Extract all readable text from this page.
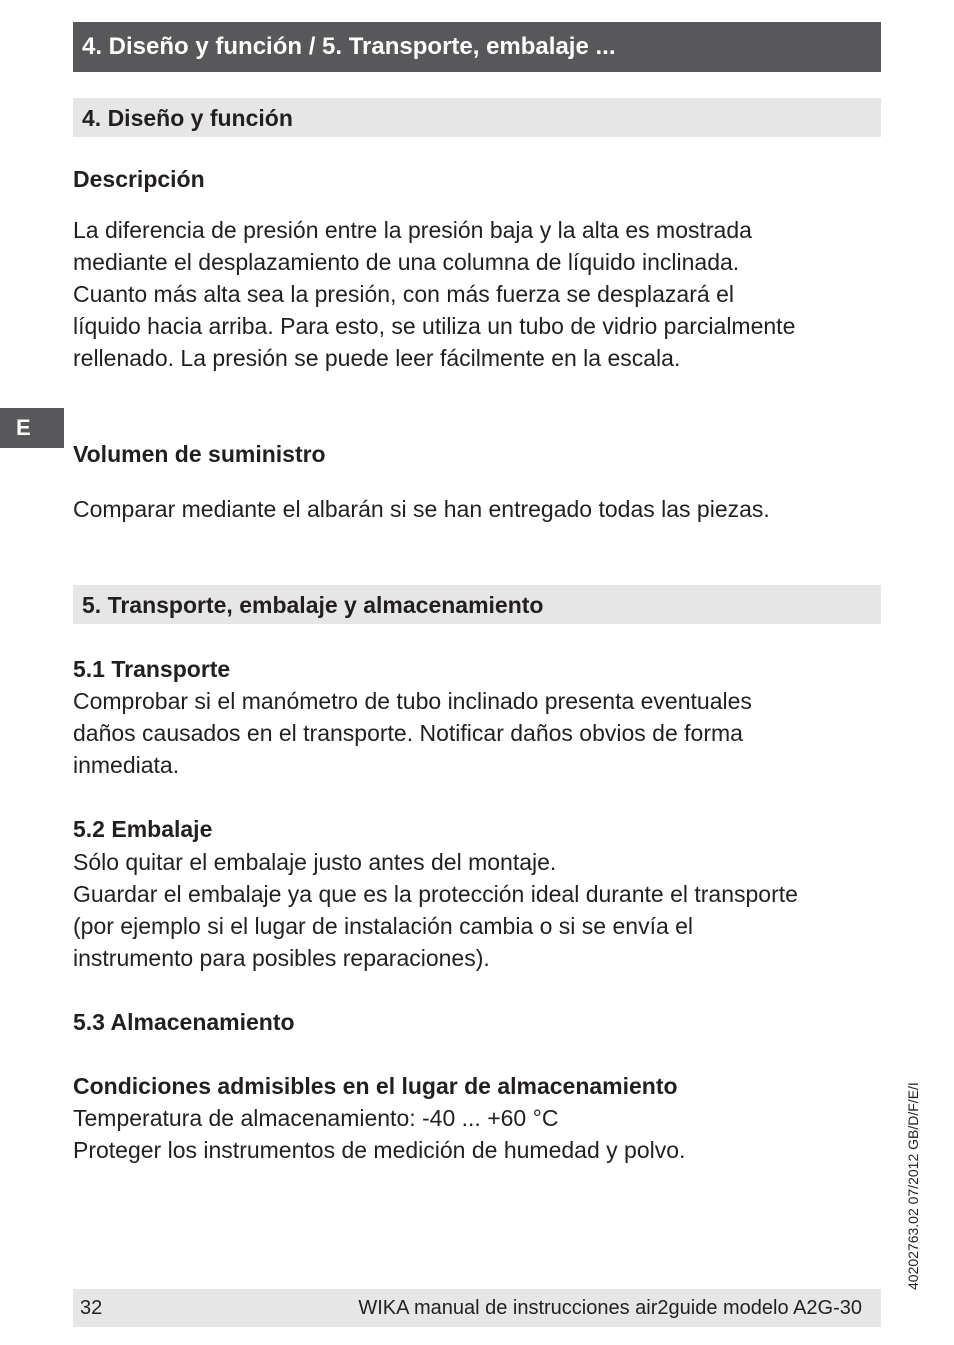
4. Diseño y función / 5. Transporte, embalaje ...
4. Diseño y función
Descripción
La diferencia de presión entre la presión baja y la alta es mostrada
mediante el desplazamiento de una columna de líquido inclinada.
Cuanto más alta sea la presión, con más fuerza se desplazará el
líquido hacia arriba. Para esto, se utiliza un tubo de vidrio parcialmente
rellenado. La presión se puede leer fácilmente en la escala.
E
Volumen de suministro
Comparar mediante el albarán si se han entregado todas las piezas.
5. Transporte, embalaje y almacenamiento
5.1 Transporte
Comprobar si el manómetro de tubo inclinado presenta eventuales
daños causados en el transporte. Notificar daños obvios de forma
inmediata.
5.2 Embalaje
Sólo quitar el embalaje justo antes del montaje.
Guardar el embalaje ya que es la protección ideal durante el transporte
(por ejemplo si el lugar de instalación cambia o si se envía el
instrumento para posibles reparaciones).
5.3 Almacenamiento
Condiciones admisibles en el lugar de almacenamiento
Temperatura de almacenamiento: -40 ... +60 °C
Proteger los instrumentos de medición de humedad y polvo.	40202763.02 07/2012 GB/D/F/E/I
32	WIKA manual de instrucciones air2guide modelo A2G-30
